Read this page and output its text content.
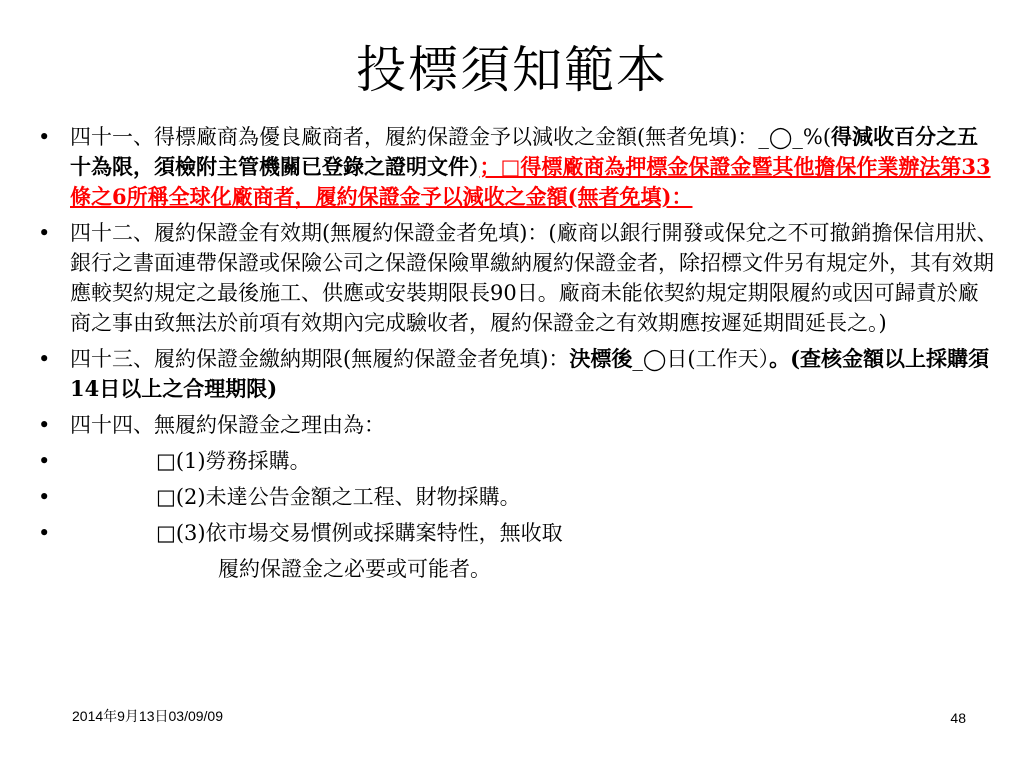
投標須知範本
• 四十一、得標廠商為優良廠商者，履約保證金予以減收之金額(無者免填)：_◯_%(得減收百分之五十為限，須檢附主管機關已登錄之證明文件）；□得標廠商為押標金保證金暨其他擔保作業辦法第33條之6所稱全球化廠商者，履約保證金予以減收之金額(無者免填)：
• 四十二、履約保證金有效期(無履約保證金者免填)：(廠商以銀行開發或保兌之不可撤銷擔保信用狀、銀行之書面連帶保證或保險公司之保證保險單繳納履約保證金者，除招標文件另有規定外，其有效期應較契約規定之最後施工、供應或安裝期限長90日。廠商未能依契約規定期限履約或因可歸責於廠商之事由致無法於前項有效期內完成驗收者，履約保證金之有效期應按遲延期間延長之。)
• 四十三、履約保證金繳納期限(無履約保證金者免填)：決標後_◯日(工作天）。(查核金額以上採購須14日以上之合理期限)
• 四十四、無履約保證金之理由為：
•	□(1)勞務採購。
•	□(2)未達公告金額之工程、財物採購。
•	□(3)依市場交易慣例或採購案特性，無收取
履約保證金之必要或可能者。
2014年9月13日03/09/09	48
